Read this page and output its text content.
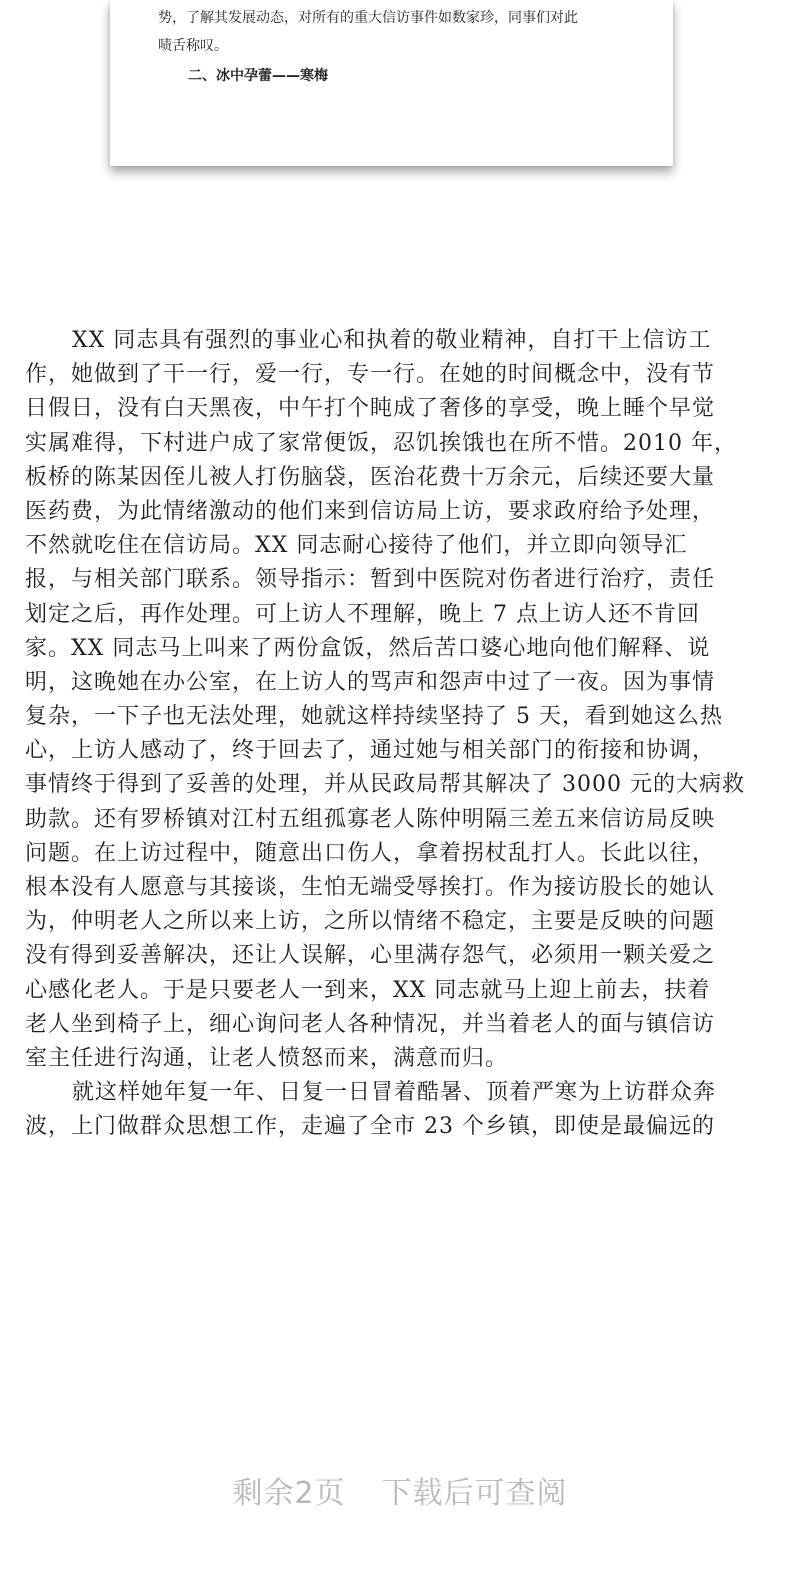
势，了解其发展动态，对所有的重大信访事件如数家珍，同事们对此
啧舌称叹。
二、冰中孕蕾——寒梅
XX 同志具有强烈的事业心和执着的敬业精神，自打干上信访工
作，她做到了干一行，爱一行，专一行。在她的时间概念中，没有节
日假日，没有白天黑夜，中午打个盹成了奢侈的享受，晚上睡个早觉
实属难得，下村进户成了家常便饭，忍饥挨饿也在所不惜。2010 年，
板桥的陈某因侄儿被人打伤脑袋，医治花费十万余元，后续还要大量
医药费，为此情绪激动的他们来到信访局上访，要求政府给予处理，
不然就吃住在信访局。XX 同志耐心接待了他们，并立即向领导汇
报，与相关部门联系。领导指示：暂到中医院对伤者进行治疗，责任
划定之后，再作处理。可上访人不理解，晚上 7 点上访人还不肯回
家。XX 同志马上叫来了两份盒饭，然后苦口婆心地向他们解释、说
明，这晚她在办公室，在上访人的骂声和怨声中过了一夜。因为事情
复杂，一下子也无法处理，她就这样持续坚持了 5 天，看到她这么热
心，上访人感动了，终于回去了，通过她与相关部门的衔接和协调，
事情终于得到了妥善的处理，并从民政局帮其解决了 3000 元的大病救
助款。还有罗桥镇对江村五组孤寡老人陈仲明隔三差五来信访局反映
问题。在上访过程中，随意出口伤人，拿着拐杖乱打人。长此以往，
根本没有人愿意与其接谈，生怕无端受辱挨打。作为接访股长的她认
为，仲明老人之所以来上访，之所以情绪不稳定，主要是反映的问题
没有得到妥善解决，还让人误解，心里满存怨气，必须用一颗关爱之
心感化老人。于是只要老人一到来，XX 同志就马上迎上前去，扶着
老人坐到椅子上，细心询问老人各种情况，并当着老人的面与镇信访
室主任进行沟通，让老人愤怒而来，满意而归。
就这样她年复一年、日复一日冒着酷暑、顶着严寒为上访群众奔
波，上门做群众思想工作，走遍了全市 23 个乡镇，即使是最偏远的
剩余2页 下载后可查阅
